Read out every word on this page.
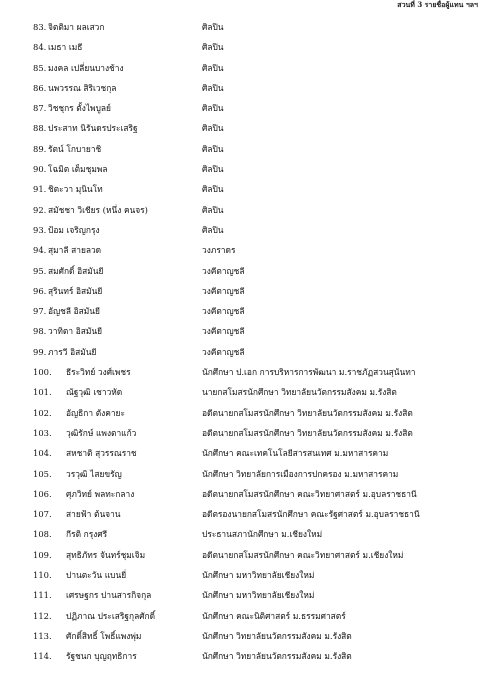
สวนที่ 3 รายชื่อผู้แทน ฯลฯ
83. จิตติมา ผลเสวก	ศิลปิน
84. เมธา เมธี	ศิลปิน
85. มงคล เปลี่ยนบางช้าง	ศิลปิน
86. นพวรรณ สิริเวชกุล	ศิลปิน
87. วิชชุกร ตั้งไพบูลย์	ศิลปิน
88. ประสาท นิรันดรประเสริฐ	ศิลปิน
89. รัตน์ โกบายาชิ	ศิลปิน
90. โฉมิต เต็มชุมพล	ศิลปิน
91. ชิตะวา มุนินโท	ศิลปิน
92. สมัชชา วิเชียร (หนึ่ง คนจร)	ศิลปิน
93. ป้อม เจริญกรุง	ศิลปิน
94. สุมาลี สายลวด	วงภราดร
95. สมศักดิ์ อิสมันยี	วงคีตาญชลี
96. สุรินทร์ อิสมันยี	วงคีตาญชลี
97. อัญชลี อิสมันยี	วงคีตาญชลี
98. วาทิตา อิสมันยี	วงคีตาญชลี
99. ภารวี อิสมันยี	วงคีตาญชลี
100. ธีระวิทย์ วงศ์เพชร	นักศึกษา ป.เอก การบริหารการพัฒนา ม.ราชภัฏสวนสุนันทา
101. ณัฐวุฒิ เชาวหัด	นายกสโมสรนักศึกษา วิทยาลัยนวัตกรรมสังคม ม.รังสิต
102. อัญธิกา ตังคายะ	อดีตนายกสโมสรนักศึกษา วิทยาลัยนวัตกรรมสังคม ม.รังสิต
103. วุฒิรักษ์ แพงตาแก้ว	อดีตนายกสโมสรนักศึกษา วิทยาลัยนวัตกรรมสังคม ม.รังสิต
104. สหชาติ สุวรรณราช	นักศึกษา คณะเทคโนโลยีสารสนเทศ ม.มหาสารคาม
105. วรวุฒิ ไสยขรัญ	นักศึกษา วิทยาลัยการเมืองการปกครอง ม.มหาสารคาม
106. ศุภวิทย์ พลทะกลาง	อดีตนายกสโมสรนักศึกษา คณะวิทยาศาสตร์ ม.อุบลราชธานี
107. สายฟ้า ต้นจาน	อดีตรองนายกสโมสรนักศึกษา คณะรัฐศาสตร์ ม.อุบลราชธานี
108. กีรติ กรุงศรี	ประธานสภานักศึกษา ม.เชียงใหม่
109. สุทธิภัทร จันทร์ชุมเจิม	อดีตนายกสโมสรนักศึกษา คณะวิทยาศาสตร์ ม.เชียงใหม่
110. ปานตะวัน แบนยี่	นักศึกษา มหาวิทยาลัยเชียงใหม่
111. เศรษฐกร ปานสารกิจกุล	นักศึกษา มหาวิทยาลัยเชียงใหม่
112. ปฏิภาณ ประเสริฐกุลศักดิ์	นักศึกษา คณะนิติศาสตร์ ม.ธรรมศาสตร์
113. ศักดิ์สิทธิ์ โพธิ์แพงพุ่ม	นักศึกษา วิทยาลัยนวัตกรรมสังคม ม.รังสิต
114. รัฐชนก บุญฤทธิการ	นักศึกษา วิทยาลัยนวัตกรรมสังคม ม.รังสิต
